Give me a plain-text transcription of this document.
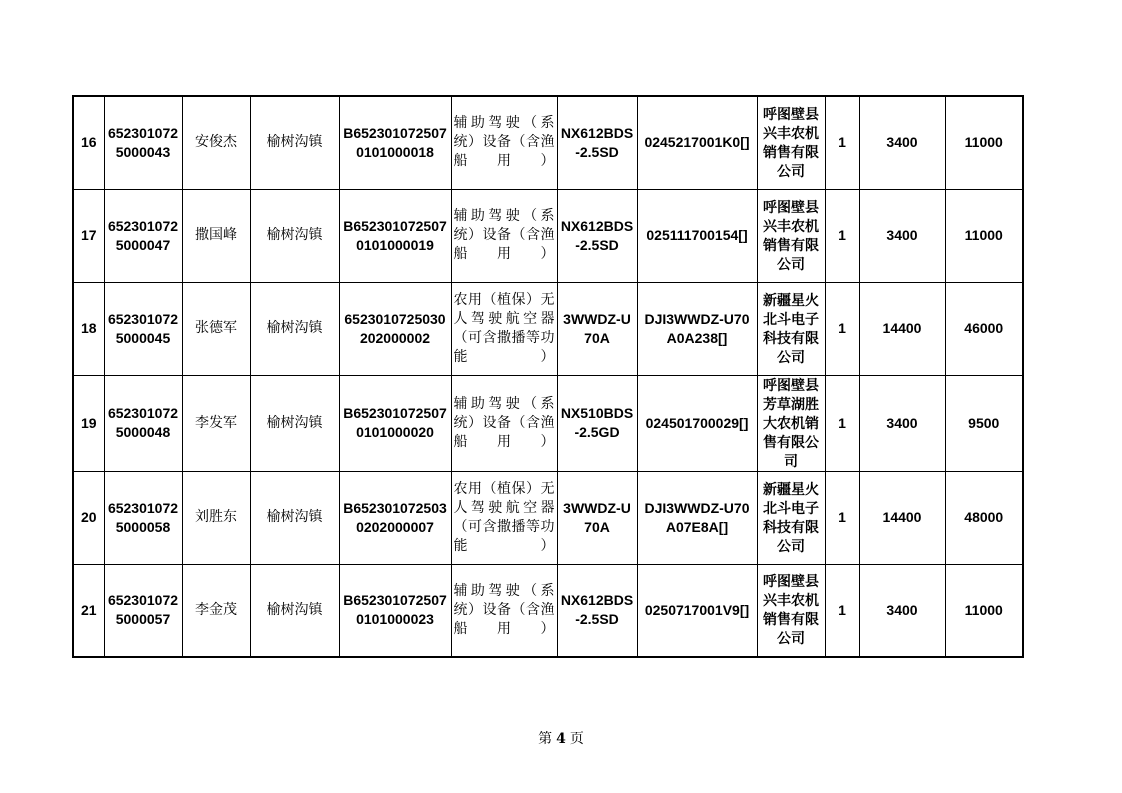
16	6523010725000043	安俊杰	榆树沟镇	B6523010725070101000018	辅助驾驶（系统）设备（含渔船用）	NX612BDS-2.5SD	0245217001K0[]	呼图壁县兴丰农机销售有限公司	1	3400	11000
17	6523010725000047	撒国峰	榆树沟镇	B6523010725070101000019	辅助驾驶（系统）设备（含渔船用）	NX612BDS-2.5SD	025111700154[]	呼图壁县兴丰农机销售有限公司	1	3400	11000
18	6523010725000045	张德军	榆树沟镇	6523010725030202000002	农用（植保）无人驾驶航空器（可含撒播等功能）	3WWDZ-U70A	DJI3WWDZ-U70A0A238[]	新疆星火北斗电子科技有限公司	1	14400	46000
19	6523010725000048	李发军	榆树沟镇	B6523010725070101000020	辅助驾驶（系统）设备（含渔船用）	NX510BDS-2.5GD	024501700029[]	呼图壁县芳草湖胜大农机销售有限公司	1	3400	9500
20	6523010725000058	刘胜东	榆树沟镇	B6523010725030202000007	农用（植保）无人驾驶航空器（可含撒播等功能）	3WWDZ-U70A	DJI3WWDZ-U70A07E8A[]	新疆星火北斗电子科技有限公司	1	14400	48000
21	6523010725000057	李金茂	榆树沟镇	B6523010725070101000023	辅助驾驶（系统）设备（含渔船用）	NX612BDS-2.5SD	0250717001V9[]	呼图壁县兴丰农机销售有限公司	1	3400	11000
第 4 页
